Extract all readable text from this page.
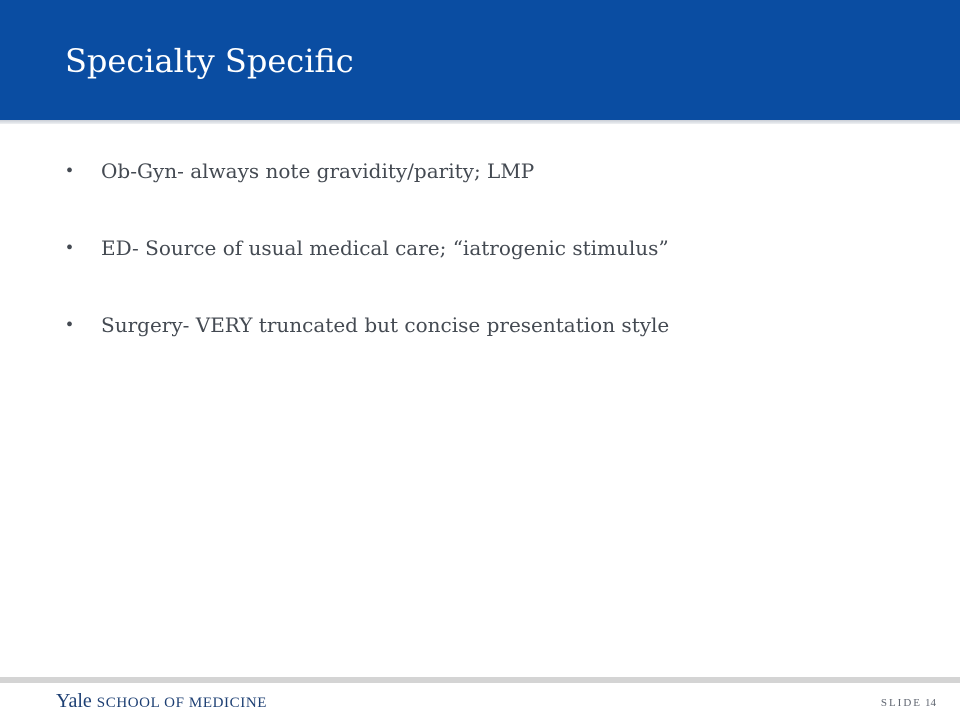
Specialty Specific
•	Ob-Gyn- always note gravidity/parity; LMP
•	ED- Source of usual medical care; “iatrogenic stimulus”
•	Surgery- VERY truncated but concise presentation style
Yale SCHOOL OF MEDICINE	SLIDE 14
